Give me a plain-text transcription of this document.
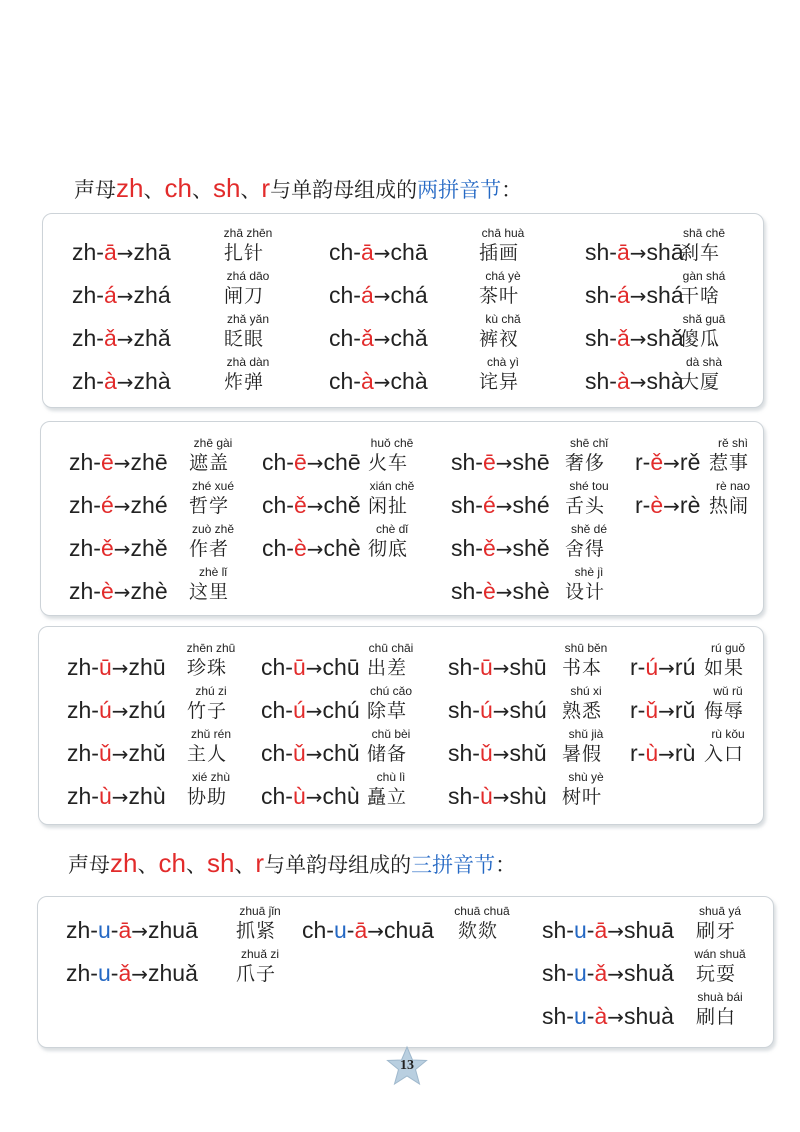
声母zh、ch、sh、r与单韵母组成的两拼音节：
zh-ā→zhā
zhā zhēn
扎针
zh-á→zhá
zhá dāo
闸刀
zh-ǎ→zhǎ
zhǎ yǎn
眨眼
zh-à→zhà
zhà dàn
炸弹
ch-ā→chā
chā huà
插画
ch-á→chá
chá yè
茶叶
ch-ǎ→chǎ
kù chǎ
裤衩
ch-à→chà
chà yì
诧异
sh-ā→shā
shā chē
刹车
sh-á→shá
gàn shá
干啥
sh-ǎ→shǎ
shǎ guā
傻瓜
sh-à→shà
dà shà
大厦
zh-ē→zhē
zhē gài
遮盖
zh-é→zhé
zhé xué
哲学
zh-ě→zhě
zuò zhě
作者
zh-è→zhè
zhè lǐ
这里
ch-ē→chē
huǒ chē
火车
ch-ě→chě
xián chě
闲扯
ch-è→chè
chè dǐ
彻底
sh-ē→shē
shē chǐ
奢侈
sh-é→shé
shé tou
舌头
sh-ě→shě
shě dé
舍得
sh-è→shè
shè jì
设计
r-ě→rě
rě shì
惹事
r-è→rè
rè nao
热闹
zh-ū→zhū
zhēn zhū
珍珠
zh-ú→zhú
zhú zi
竹子
zh-ǔ→zhǔ
zhǔ rén
主人
zh-ù→zhù
xié zhù
协助
ch-ū→chū
chū chāi
出差
ch-ú→chú
chú cǎo
除草
ch-ǔ→chǔ
chǔ bèi
储备
ch-ù→chù
chù lì
矗立
sh-ū→shū
shū běn
书本
sh-ú→shú
shú xi
熟悉
sh-ǔ→shǔ
shǔ jià
暑假
sh-ù→shù
shù yè
树叶
r-ú→rú
rú guǒ
如果
r-ǔ→rǔ
wǔ rǔ
侮辱
r-ù→rù
rù kǒu
入口
声母zh、ch、sh、r与单韵母组成的三拼音节：
zh-u-ā→zhuā
zhuā jǐn
抓紧
zh-u-ǎ→zhuǎ
zhuǎ zi
爪子
ch-u-ā→chuā
chuā chuā
欻欻	sh-u-ā→shuā
shuā yá
刷牙
sh-u-ǎ→shuǎ
wán shuǎ
玩耍
sh-u-à→shuà
shuà bái
刷白
13
